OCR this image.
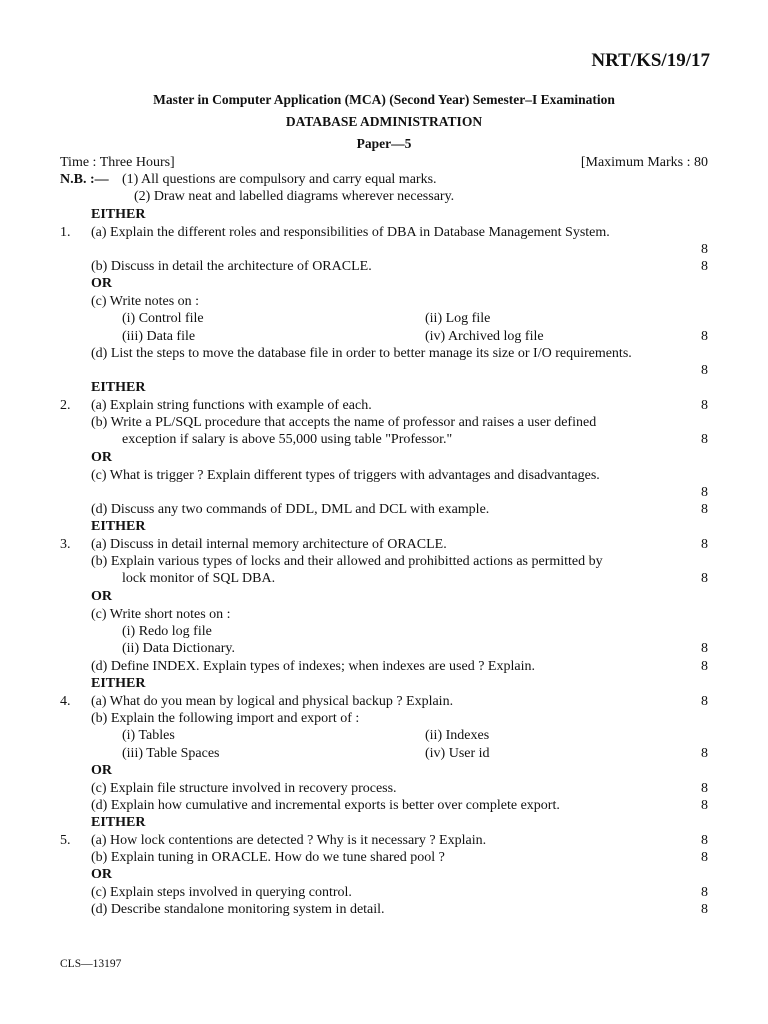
NRT/KS/19/17
Master in Computer Application (MCA) (Second Year) Semester–I Examination
DATABASE ADMINISTRATION
Paper—5
Time : Three Hours]	[Maximum Marks : 80
N.B. :— (1) All questions are compulsory and carry equal marks.
(2) Draw neat and labelled diagrams wherever necessary.
EITHER
1. (a) Explain the different roles and responsibilities of DBA in Database Management System.
8
(b) Discuss in detail the architecture of ORACLE.	8
OR
(c) Write notes on :
(i) Control file	(ii) Log file
(iii) Data file	(iv) Archived log file	8
(d) List the steps to move the database file in order to better manage its size or I/O requirements.
8
EITHER
2. (a) Explain string functions with example of each.	8
(b) Write a PL/SQL procedure that accepts the name of professor and raises a user defined
exception if salary is above 55,000 using table "Professor."	8
OR
(c) What is trigger ? Explain different types of triggers with advantages and disadvantages.
8
(d) Discuss any two commands of DDL, DML and DCL with example.	8
EITHER
3. (a) Discuss in detail internal memory architecture of ORACLE.	8
(b) Explain various types of locks and their allowed and prohibitted actions as permitted by
lock monitor of SQL DBA.	8
OR
(c) Write short notes on :
(i) Redo log file
(ii) Data Dictionary.	8
(d) Define INDEX. Explain types of indexes; when indexes are used ? Explain.	8
EITHER
4. (a) What do you mean by logical and physical backup ? Explain.	8
(b) Explain the following import and export of :
(i) Tables	(ii) Indexes
(iii) Table Spaces	(iv) User id	8
OR
(c) Explain file structure involved in recovery process.	8
(d) Explain how cumulative and incremental exports is better over complete export.	8
EITHER
5. (a) How lock contentions are detected ? Why is it necessary ? Explain.	8
(b) Explain tuning in ORACLE. How do we tune shared pool ?	8
OR
(c) Explain steps involved in querying control.	8
(d) Describe standalone monitoring system in detail.	8
CLS—13197
